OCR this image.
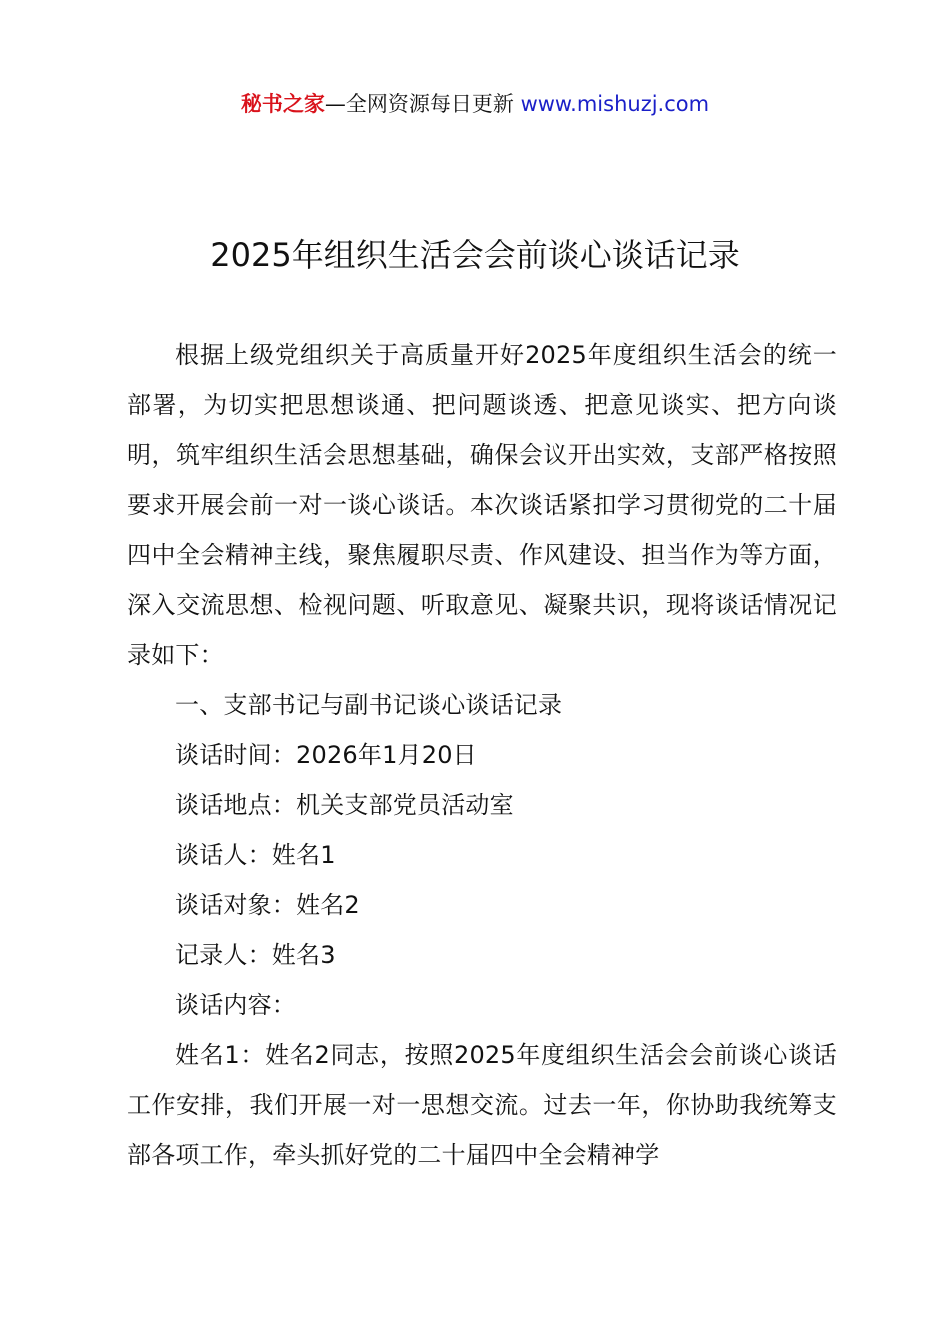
秘书之家—全网资源每日更新 www.mishuzj.com
2025年组织生活会会前谈心谈话记录

根据上级党组织关于高质量开好2025年度组织生活会的统一部署，为切实把思想谈通、把问题谈透、把意见谈实、把方向谈明，筑牢组织生活会思想基础，确保会议开出实效，支部严格按照要求开展会前一对一谈心谈话。本次谈话紧扣学习贯彻党的二十届四中全会精神主线，聚焦履职尽责、作风建设、担当作为等方面，深入交流思想、检视问题、听取意见、凝聚共识，现将谈话情况记录如下：

一、支部书记与副书记谈心谈话记录

谈话时间：2026年1月20日

谈话地点：机关支部党员活动室

谈话人：姓名1

谈话对象：姓名2

记录人：姓名3

谈话内容：

姓名1：姓名2同志，按照2025年度组织生活会会前谈心谈话工作安排，我们开展一对一思想交流。过去一年，你协助我统筹支部各项工作，牵头抓好党的二十届四中全会精神学
